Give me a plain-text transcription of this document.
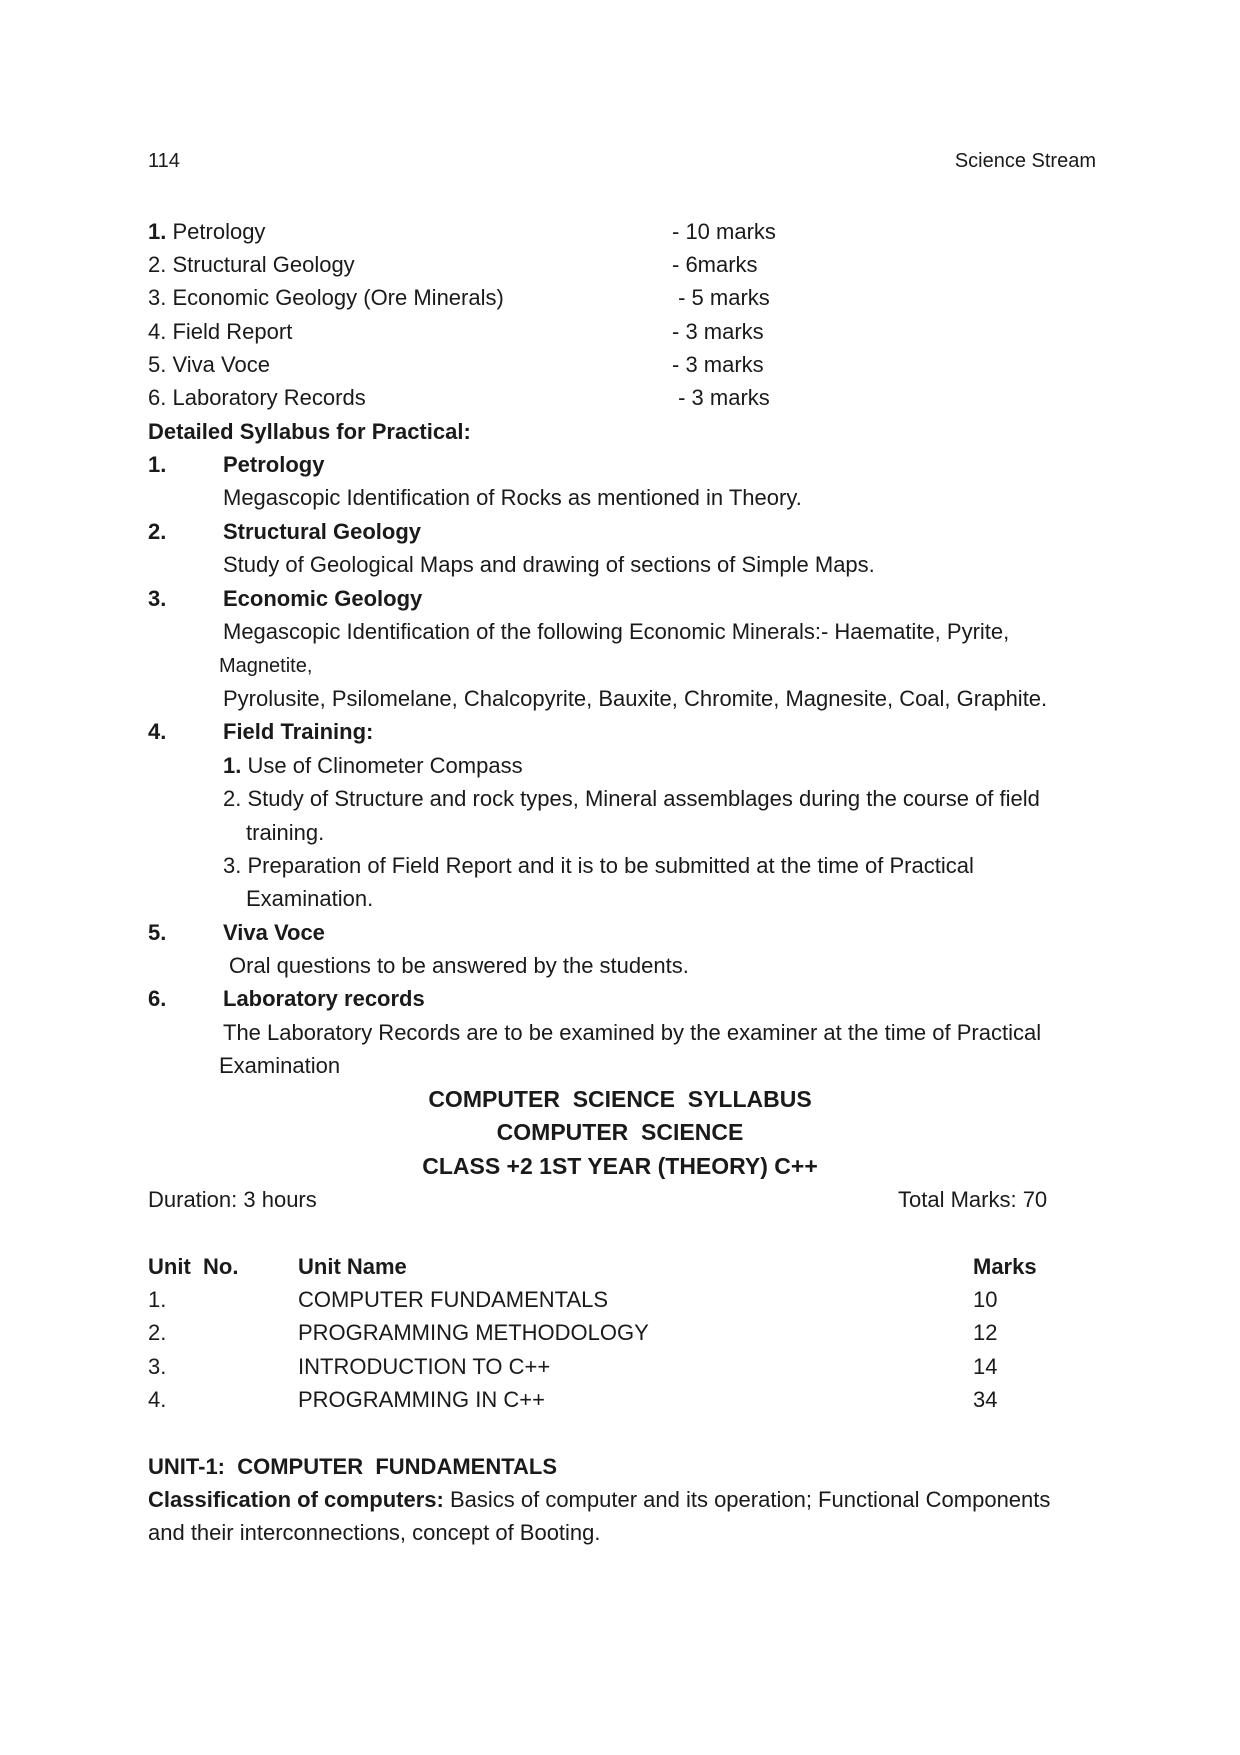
114	Science Stream
1. Petrology	- 10 marks
2. Structural Geology	- 6marks
3. Economic Geology (Ore Minerals)	- 5 marks
4. Field Report	- 3 marks
5. Viva Voce	- 3 marks
6. Laboratory Records	- 3 marks
Detailed Syllabus for Practical:
1.	Petrology
Megascopic Identification of Rocks as mentioned in Theory.
2.	Structural Geology
Study of Geological Maps and drawing of sections of Simple Maps.
3.	Economic Geology
Megascopic Identification of the following Economic Minerals:- Haematite, Pyrite,
Magnetite,
Pyrolusite, Psilomelane, Chalcopyrite, Bauxite, Chromite, Magnesite, Coal, Graphite.
4.	Field Training:
1. Use of Clinometer Compass
2. Study of Structure and rock types, Mineral assemblages during the course of field
training.
3. Preparation of Field Report and it is to be submitted at the time of Practical
Examination.
5.	Viva Voce
Oral questions to be answered by the students.
6.	Laboratory records
The Laboratory Records are to be examined by the examiner at the time of Practical
Examination
COMPUTER  SCIENCE  SYLLABUS
COMPUTER  SCIENCE
CLASS +2 1ST YEAR (THEORY) C++
Duration: 3 hours	Total Marks: 70
Unit  No.	Unit Name	Marks
1.	COMPUTER FUNDAMENTALS	10
2.	PROGRAMMING METHODOLOGY	12
3.	INTRODUCTION TO C++	14
4.	PROGRAMMING IN C++	34
UNIT-1:  COMPUTER  FUNDAMENTALS
Classification of computers: Basics of computer and its operation; Functional Components
and their interconnections, concept of Booting.
